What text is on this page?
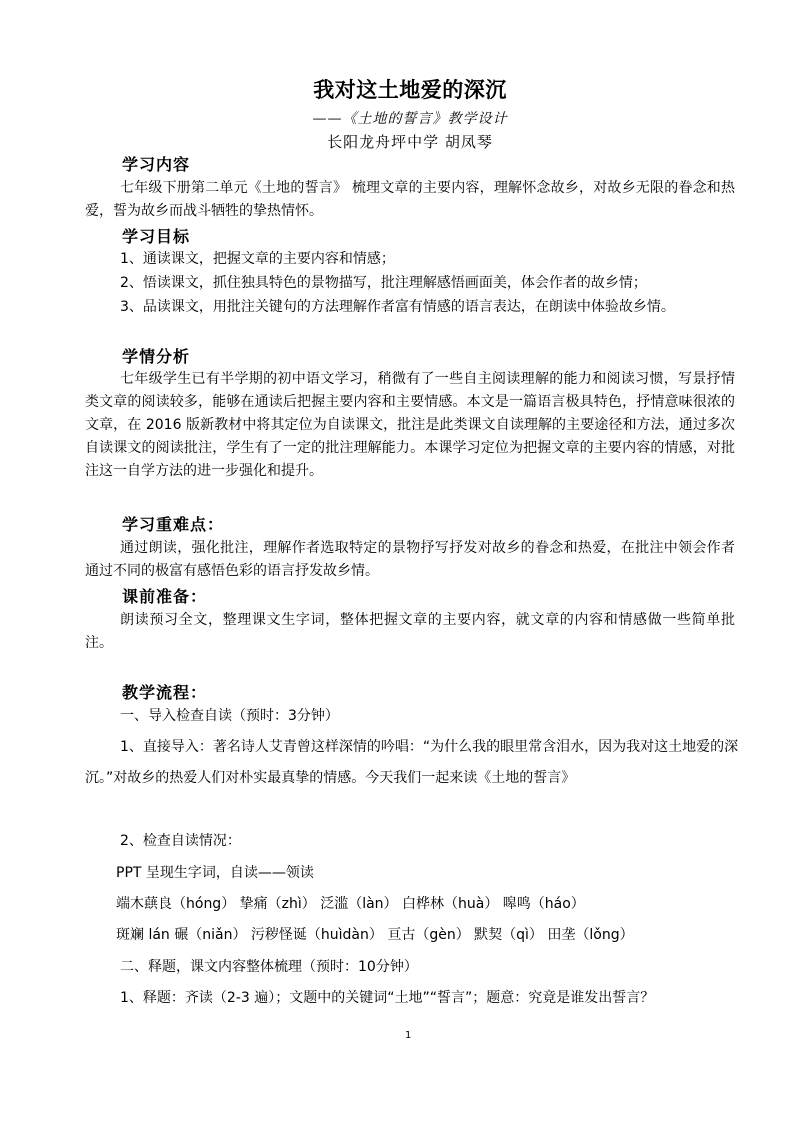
我对这土地爱的深沉
——《土地的誓言》教学设计
长阳龙舟坪中学 胡凤琴
学习内容
七年级下册第二单元《土地的誓言》 梳理文章的主要内容，理解怀念故乡，对故乡无限的眷念和热爱，誓为故乡而战斗牺牲的挚热情怀。
学习目标
1、通读课文，把握文章的主要内容和情感；
2、悟读课文，抓住独具特色的景物描写，批注理解感悟画面美，体会作者的故乡情；
3、品读课文，用批注关键句的方法理解作者富有情感的语言表达，在朗读中体验故乡情。
学情分析
七年级学生已有半学期的初中语文学习，稍微有了一些自主阅读理解的能力和阅读习惯，写景抒情类文章的阅读较多，能够在通读后把握主要内容和主要情感。本文是一篇语言极具特色，抒情意味很浓的文章，在 2016 版新教材中将其定位为自读课文，批注是此类课文自读理解的主要途径和方法，通过多次自读课文的阅读批注，学生有了一定的批注理解能力。本课学习定位为把握文章的主要内容的情感，对批注这一自学方法的进一步强化和提升。
学习重难点：
通过朗读，强化批注，理解作者选取特定的景物抒写抒发对故乡的眷念和热爱，在批注中领会作者通过不同的极富有感悟色彩的语言抒发故乡情。
课前准备：
朗读预习全文，整理课文生字词，整体把握文章的主要内容，就文章的内容和情感做一些简单批注。
教学流程：
一、导入检查自读（预时：3分钟）
1、直接导入：著名诗人艾青曾这样深情的吟唱：“为什么我的眼里常含泪水，因为我对这土地爱的深沉。”对故乡的热爱人们对朴实最真挚的情感。今天我们一起来读《土地的誓言》
2、检查自读情况：
PPT 呈现生字词，自读——领读
端木蕻良（hóng） 挚痛（zhì） 泛滥（làn） 白桦林（huà） 嗥鸣（háo）
斑斓 lán 碾（niǎn） 污秽怪诞（huìdàn） 亘古（gèn） 默契（qì） 田垄（lǒng）
二、释题，课文内容整体梳理（预时：10分钟）
1、释题：齐读（2-3 遍）；文题中的关键词“土地”“誓言”；题意：究竟是谁发出誓言？
1
